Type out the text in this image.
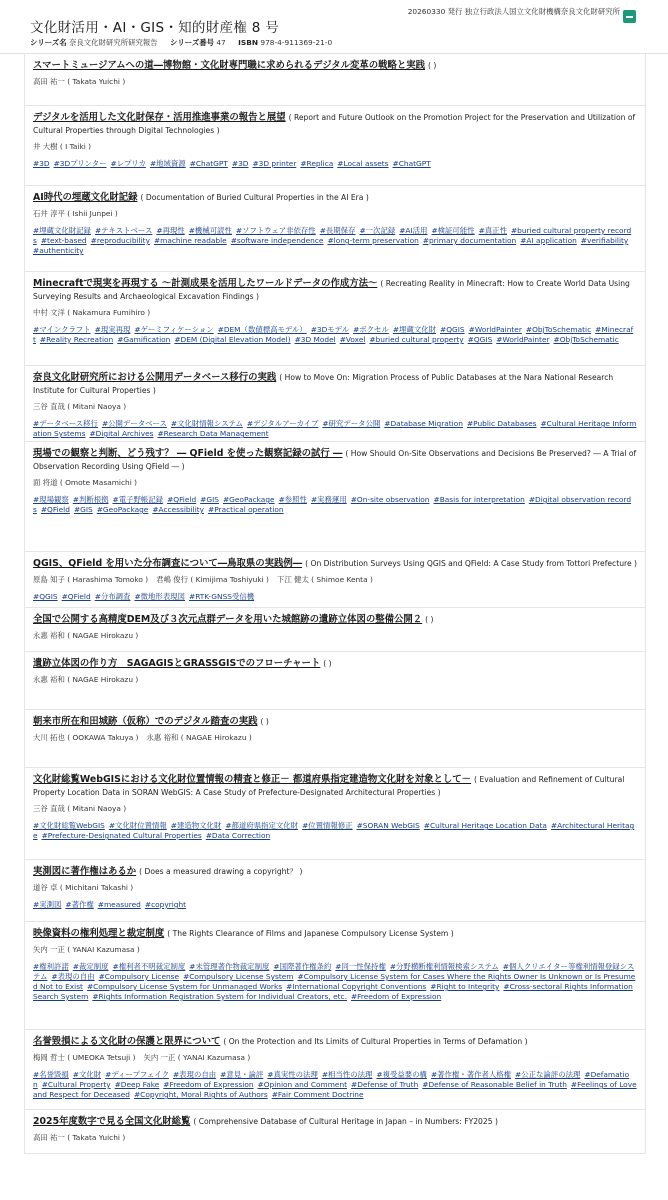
20260330 発行 独立行政法人国立文化財機構奈良文化財研究所
文化財活用・AI・GIS・知的財産権 8 号
シリーズ名 奈良文化財研究所研究報告 シリーズ番号 47 ISBN 978-4-911369-21-0
スマートミュージアムへの道―博物館・文化財専門職に求められるデジタル変革の戦略と実践 ( )
高田 祐一 ( Takata Yuichi )
デジタルを活用した文化財保存・活用推進事業の報告と展望 ( Report and Future Outlook on the Promotion Project for the Preservation and Utilization of Cultural Properties through Digital Technologies )
井 大樹 ( I Taiki )
#3D #3Dプリンター #レプリカ #地域資源 #ChatGPT #3D #3D printer #Replica #Local assets #ChatGPT
AI時代の埋蔵文化財記録 ( Documentation of Buried Cultural Properties in the AI Era )
石井 淳平 ( Ishii Junpei )
#埋蔵文化財記録 #テキストベース #再現性 #機械可読性 #ソフトウェア非依存性 #長期保存 #一次記録 #AI活用 #検証可能性 #真正性 #buried cultural property records #text-based #reproducibility #machine readable #software independence #long-term preservation #primary documentation #AI application #verifiability#authenticity
Minecraftで現実を再現する ～計測成果を活用したワールドデータの作成方法～ ( Recreating Reality in Minecraft: How to Create World Data Using Surveying Results and Archaeological Excavation Findings )
中村 文洋 ( Nakamura Fumihiro )
#マインクラフト #現実再現 #ゲーミフィケーション #DEM（数値標高モデル） #3Dモデル #ボクセル #埋蔵文化財 #QGIS #WorldPainter #ObjToSchematic #Minecraft #Reality Recreation #Gamification #DEM (Digital Elevation Model) #3D Model #Voxel #buried cultural property #QGIS #WorldPainter #ObjToSchematic
奈良文化財研究所における公開用データベース移行の実践 ( How to Move On: Migration Process of Public Databases at the Nara National Research Institute for Cultural Properties )
三谷 直哉 ( Mitani Naoya )
#データベース移行 #公開データベース #文化財情報システム #デジタルアーカイブ #研究データ公開 #Database Migration #Public Databases #Cultural Heritage Information Systems #Digital Archives #Research Data Management
現場での観察と判断、どう残す？ ― QField を使った観察記録の試行 ― ( How Should On-Site Observations and Decisions Be Preserved? ― A Trial of Observation Recording Using QField ― )
面 将道 ( Omote Masamichi )
#現場観察 #判断根拠 #電子野帳記録 #QField #GIS #GeoPackage #参照性 #実務運用 #On-site observation #Basis for interpretation #Digital observation records #QField #GIS #GeoPackage #Accessibility #Practical operation
QGIS、QField を用いた分布調査について―鳥取県の実践例― ( On Distribution Surveys Using QGIS and QField: A Case Study from Tottori Prefecture )
原島 知子 ( Harashima Tomoko ) 君嶋 俊行 ( Kimijima Toshiyuki ) 下江 健太 ( Shimoe Kenta )
#QGIS #QField #分布調査 #微地形表現図 #RTK-GNSS受信機
全国で公開する高精度DEM及び３次元点群データを用いた城館跡の遺跡立体図の整備公開２ ( )
永惠 裕和 ( NAGAE Hirokazu )
遺跡立体図の作り方　SAGAGISとGRASSGISでのフローチャート ( )
永惠 裕和 ( NAGAE Hirokazu )
朝来市所在和田城跡（仮称）でのデジタル踏査の実践 ( )
大川 拓也 ( OOKAWA Takuya ) 永惠 裕和 ( NAGAE Hirokazu )
文化財総覧WebGISにおける文化財位置情報の精査と修正－ 都道府県指定建造物文化財を対象として－ ( Evaluation and Refinement of Cultural Property Location Data in SORAN WebGIS: A Case Study of Prefecture-Designated Architectural Properties )
三谷 直哉 ( Mitani Naoya )
#文化財総覧WebGIS #文化財位置情報 #建造物文化財 #都道府県指定文化財 #位置情報修正 #SORAN WebGIS #Cultural Heritage Location Data #Architectural Heritage #Prefecture-Designated Cultural Properties #Data Correction
実測図に著作権はあるか ( Does a measured drawing a copyright？ )
道谷 卓 ( Michitani Takashi )
#実測図 #著作権 #measured #copyright
映像資料の権利処理と裁定制度 ( The Rights Clearance of Films and Japanese Compulsory License System )
矢内 一正 ( YANAI Kazumasa )
#権利許諾 #裁定制度 #権利者不明裁定制度 #未管理著作物裁定制度 #国際著作権条約 #同一性保持権 #分野横断権利情報検索システム #個人クリエイター等権利情報登録システム #表現の自由 #Compulsory License #Compulsory License System #Compulsory License System for Cases Where the Rights Owner Is Unknown or Is Presumed Not to Exist #Compulsory License System for Unmanaged Works #International Copyright Conventions #Right to Integrity #Cross-sectoral Rights Information Search System #Rights Information Registration System for Individual Creators, etc. #Freedom of Expression
名誉毀損による文化財の保護と限界について ( On the Protection and Its Limits of Cultural Properties in Terms of Defamation )
梅岡 哲士 ( UMEOKA Tetsuji ) 矢内 一正 ( YANAI Kazumasa )
#名誉毀損 #文化財 #ディープフェイク #表現の自由 #意見・論評 #真実性の法理 #相当性の法理 #複受益要の構 #著作権・著作者人格権 #公正な論評の法理 #Defamation #Cultural Property #Deep Fake #Freedom of Expression #Opinion and Comment #Defense of Truth #Defense of Reasonable Belief in Truth #Feelings of Love and Respect for Deceased #Copyright, Moral Rights of Authors #Fair Comment Doctrine
2025年度数字で見る全国文化財総覧 ( Comprehensive Database of Cultural Heritage in Japan – in Numbers: FY2025 )
高田 祐一 ( Takata Yuichi )
